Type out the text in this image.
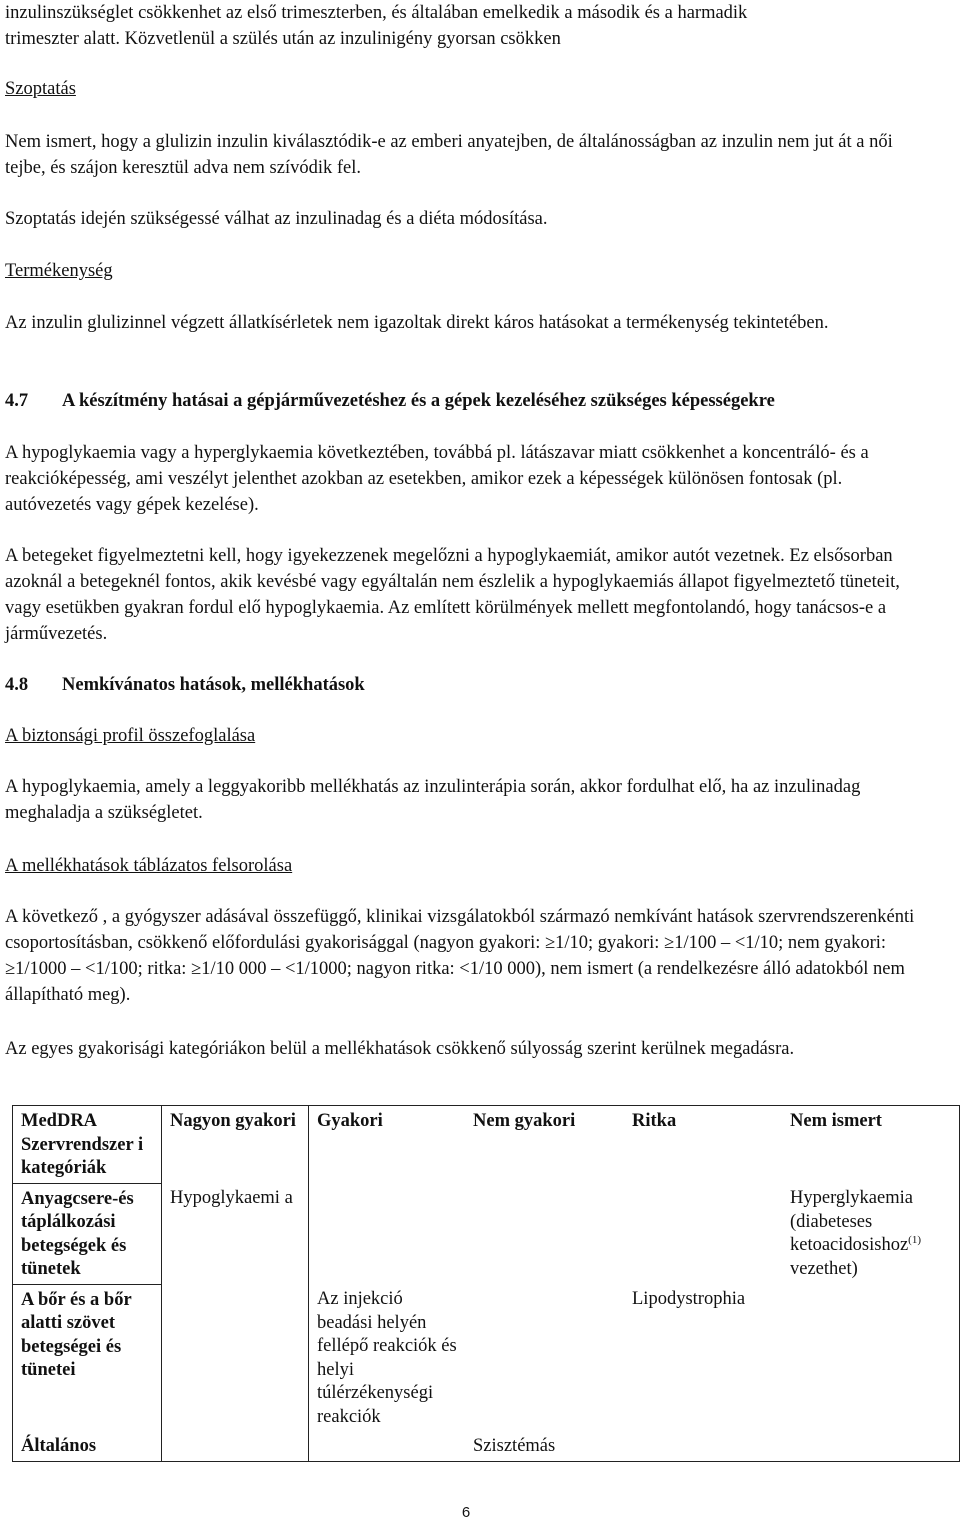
inzulinszükséglet csökkenhet az első trimeszterben, és általában emelkedik a második és a harmadik

trimeszter alatt. Közvetlenül a szülés után az inzulinigény gyorsan csökken

Szoptatás

Nem ismert, hogy a glulizin inzulin kiválasztódik-e az emberi anyatejben, de általánosságban az inzulin nem jut át a női tejbe, és szájon keresztül adva nem szívódik fel.

Szoptatás idején szükségessé válhat az inzulinadag és a diéta módosítása.

Termékenység

Az inzulin glulizinnel végzett állatkísérletek nem igazoltak direkt káros hatásokat a termékenység tekintetében.

4.7	A készítmény hatásai a gépjárművezetéshez és a gépek kezeléséhez szükséges képességekre

A hypoglykaemia vagy a hyperglykaemia következtében, továbbá pl. látászavar miatt csökkenhet a koncentráló- és a reakcióképesség, ami veszélyt jelenthet azokban az esetekben, amikor ezek a képességek különösen fontosak (pl. autóvezetés vagy gépek kezelése).

A betegeket figyelmeztetni kell, hogy igyekezzenek megelőzni a hypoglykaemiát, amikor autót vezetnek. Ez elsősorban azoknál a betegeknél fontos, akik kevésbé vagy egyáltalán nem észlelik a hypoglykaemiás állapot figyelmeztető tüneteit, vagy esetükben gyakran fordul elő hypoglykaemia. Az említett körülmények mellett megfontolandó, hogy tanácsos-e a járművezetés.

4.8	Nemkívánatos hatások, mellékhatások

A biztonsági profil összefoglalása

A hypoglykaemia, amely a leggyakoribb mellékhatás az inzulinterápia során, akkor fordulhat elő, ha az inzulinadag meghaladja a szükségletet.

A mellékhatások táblázatos felsorolása

A következő , a gyógyszer adásával összefüggő, klinikai vizsgálatokból származó nemkívánt hatások szervrendszerenkénti csoportosításban, csökkenő előfordulási gyakorisággal (nagyon gyakori: ≥1/10; gyakori: ≥1/100 – <1/10; nem gyakori: ≥1/1000 – <1/100; ritka: ≥1/10 000 – <1/1000; nagyon ritka: <1/10 000), nem ismert (a rendelkezésre álló adatokból nem állapítható meg).

Az egyes gyakorisági kategóriákon belül a mellékhatások csökkenő súlyosság szerint kerülnek megadásra.

MedDRA Szervrendszer i kategóriák	Nagyon gyakori	Gyakori	Nem gyakori	Ritka	Nem ismert
Anyagcsere-és táplálkozási betegségek és tünetek	Hypoglykaemi a				Hyperglykaemia (diabeteses ketoacidosishoz$^{(1)}$
vezethet)
A bőr és a bőr alatti szövet betegségei és tünetei		Az injekció beadási helyén fellépő reakciók és helyi túlérzékenységi reakciók		Lipodystrophia	
Általános			Szisztémás		
6
